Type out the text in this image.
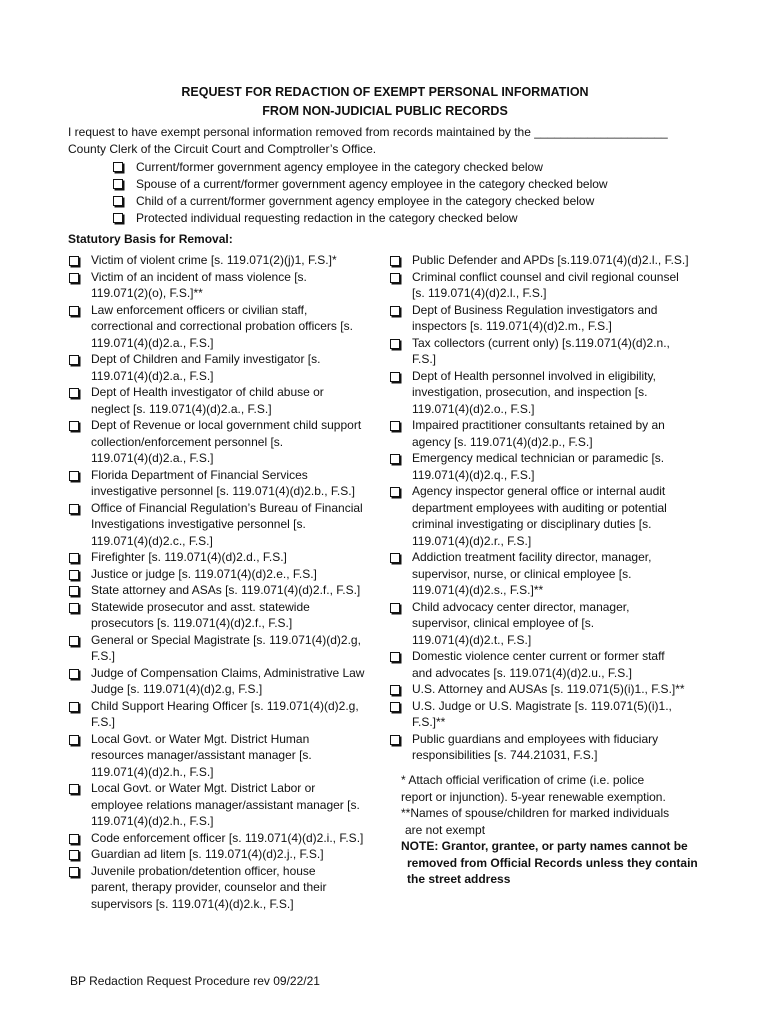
REQUEST FOR REDACTION OF EXEMPT PERSONAL INFORMATION
FROM NON-JUDICIAL PUBLIC RECORDS
I request to have exempt personal information removed from records maintained by the ____________________
County Clerk of the Circuit Court and Comptroller’s Office.
Current/former government agency employee in the category checked below
Spouse of a current/former government agency employee in the category checked below
Child of a current/former government agency employee in the category checked below
Protected individual requesting redaction in the category checked below
Statutory Basis for Removal:
Victim of violent crime [s. 119.071(2)(j)1, F.S.]*
Victim of an incident of mass violence [s.
119.071(2)(o), F.S.]**
Law enforcement officers or civilian staff,
correctional and correctional probation officers [s.
119.071(4)(d)2.a., F.S.]
Dept of Children and Family investigator [s.
119.071(4)(d)2.a., F.S.]
Dept of Health investigator of child abuse or
neglect [s. 119.071(4)(d)2.a., F.S.]
Dept of Revenue or local government child support
collection/enforcement personnel [s.
119.071(4)(d)2.a., F.S.]
Florida Department of Financial Services
investigative personnel [s. 119.071(4)(d)2.b., F.S.]
Office of Financial Regulation’s Bureau of Financial
Investigations investigative personnel [s.
119.071(4)(d)2.c., F.S.]
Firefighter [s. 119.071(4)(d)2.d., F.S.]
Justice or judge [s. 119.071(4)(d)2.e., F.S.]
State attorney and ASAs [s. 119.071(4)(d)2.f., F.S.]
Statewide prosecutor and asst. statewide
prosecutors [s. 119.071(4)(d)2.f., F.S.]
General or Special Magistrate [s. 119.071(4)(d)2.g,
F.S.]
Judge of Compensation Claims, Administrative Law
Judge [s. 119.071(4)(d)2.g, F.S.]
Child Support Hearing Officer [s. 119.071(4)(d)2.g,
F.S.]
Local Govt. or Water Mgt. District Human
resources manager/assistant manager [s.
119.071(4)(d)2.h., F.S.]
Local Govt. or Water Mgt. District Labor or
employee relations manager/assistant manager [s.
119.071(4)(d)2.h., F.S.]
Code enforcement officer [s. 119.071(4)(d)2.i., F.S.]
Guardian ad litem [s. 119.071(4)(d)2.j., F.S.]
Juvenile probation/detention officer, house
parent, therapy provider, counselor and their
supervisors [s. 119.071(4)(d)2.k., F.S.]
Public Defender and APDs [s.119.071(4)(d)2.l., F.S.]
Criminal conflict counsel and civil regional counsel
[s. 119.071(4)(d)2.l., F.S.]
Dept of Business Regulation investigators and
inspectors [s. 119.071(4)(d)2.m., F.S.]
Tax collectors (current only) [s.119.071(4)(d)2.n.,
F.S.]
Dept of Health personnel involved in eligibility,
investigation, prosecution, and inspection [s.
119.071(4)(d)2.o., F.S.]
Impaired practitioner consultants retained by an
agency [s. 119.071(4)(d)2.p., F.S.]
Emergency medical technician or paramedic [s.
119.071(4)(d)2.q., F.S.]
Agency inspector general office or internal audit
department employees with auditing or potential
criminal investigating or disciplinary duties [s.
119.071(4)(d)2.r., F.S.]
Addiction treatment facility director, manager,
supervisor, nurse, or clinical employee [s.
119.071(4)(d)2.s., F.S.]**
Child advocacy center director, manager,
supervisor, clinical employee of [s.
119.071(4)(d)2.t., F.S.]
Domestic violence center current or former staff
and advocates [s. 119.071(4)(d)2.u., F.S.]
U.S. Attorney and AUSAs [s. 119.071(5)(i)1., F.S.]**
U.S. Judge or U.S. Magistrate [s. 119.071(5)(i)1.,
F.S.]**
Public guardians and employees with fiduciary
responsibilities [s. 744.21031, F.S.]
* Attach official verification of crime (i.e. police
report or injunction). 5-year renewable exemption.
**Names of spouse/children for marked individuals
are not exempt
NOTE: Grantor, grantee, or party names cannot be
removed from Official Records unless they contain
the street address
BP Redaction Request Procedure rev 09/22/21
